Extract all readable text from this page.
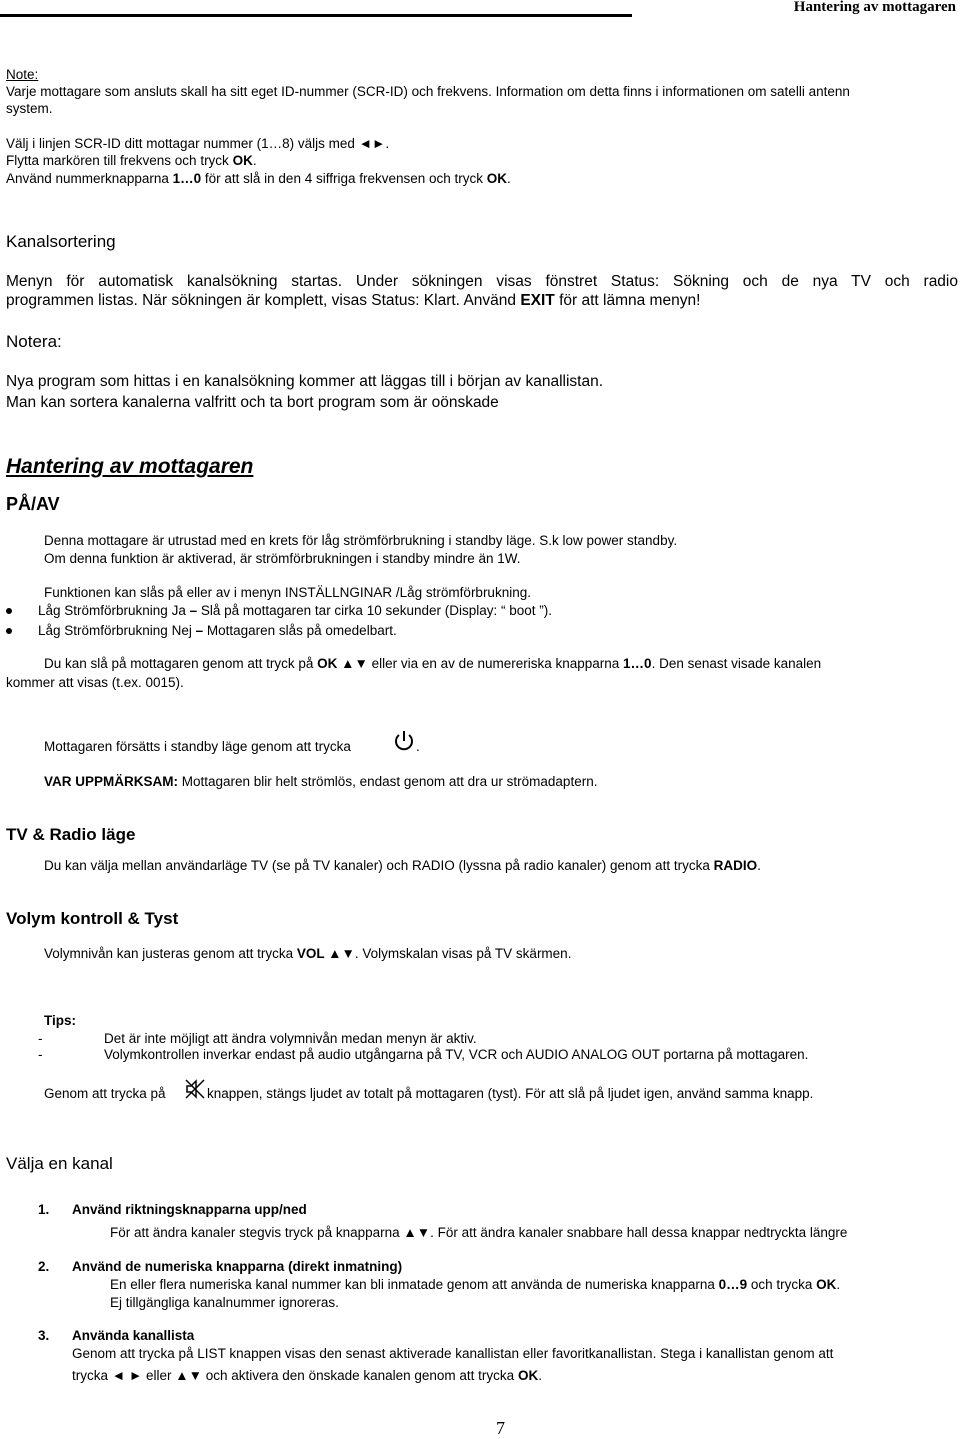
Hantering av mottagaren
Note:
Varje mottagare som ansluts skall ha sitt eget ID-nummer (SCR-ID) och frekvens. Information om detta finns i informationen om satelli antenn
system.
Välj i linjen SCR-ID ditt mottagar nummer (1…8) väljs med ◄►.
Flytta markören till frekvens och tryck OK.
Använd nummerknapparna 1…0 för att slå in den 4 siffriga frekvensen och tryck OK.
Kanalsortering
Menyn för automatisk kanalsökning startas. Under sökningen visas fönstret Status: Sökning och de nya TV och radio
programmen listas. När sökningen är komplett, visas Status: Klart. Använd EXIT för att lämna menyn!
Notera:
Nya program som hittas i en kanalsökning kommer att läggas till i början av kanallistan.
Man kan sortera kanalerna valfritt och ta bort program som är oönskade
Hantering av mottagaren
PÅ/AV
Denna mottagare är utrustad med en krets för låg strömförbrukning i standby läge. S.k low power standby.
Om denna funktion är aktiverad, är strömförbrukningen i standby mindre än 1W.
Funktionen kan slås på eller av i menyn INSTÄLLNGINAR /Låg strömförbrukning.
Låg Strömförbrukning Ja – Slå på mottagaren tar cirka 10 sekunder (Display: “ boot ”).
Låg Strömförbrukning Nej – Mottagaren slås på omedelbart.
Du kan slå på mottagaren genom att tryck på OK ▲▼ eller via en av de numereriska knapparna 1…0. Den senast visade kanalen
kommer att visas (t.ex. 0015).
Mottagaren försätts i standby läge genom att trycka	.
VAR UPPMÄRKSAM: Mottagaren blir helt strömlös, endast genom att dra ur strömadaptern.
TV & Radio läge
Du kan välja mellan användarläge TV (se på TV kanaler) och RADIO (lyssna på radio kanaler) genom att trycka RADIO.
Volym kontroll & Tyst
Volymnivån kan justeras genom att trycka VOL ▲▼. Volymskalan visas på TV skärmen.
Tips:
-	Det är inte möjligt att ändra volymnivån medan menyn är aktiv.
-	Volymkontrollen inverkar endast på audio utgångarna på TV, VCR och AUDIO ANALOG OUT portarna på mottagaren.
Genom att trycka på	knappen, stängs ljudet av totalt på mottagaren (tyst). För att slå på ljudet igen, använd samma knapp.
Välja en kanal
1. Använd riktningsknapparna upp/ned
För att ändra kanaler stegvis tryck på knapparna ▲▼. För att ändra kanaler snabbare hall dessa knappar nedtryckta längre
2. Använd de numeriska knapparna (direkt inmatning)
En eller flera numeriska kanal nummer kan bli inmatade genom att använda de numeriska knapparna 0…9 och trycka OK.
Ej tillgängliga kanalnummer ignoreras.
3. Använda kanallista
Genom att trycka på LIST knappen visas den senast aktiverade kanallistan eller favoritkanallistan. Stega i kanallistan genom att
trycka ◄ ► eller ▲▼ och aktivera den önskade kanalen genom att trycka OK.
7
